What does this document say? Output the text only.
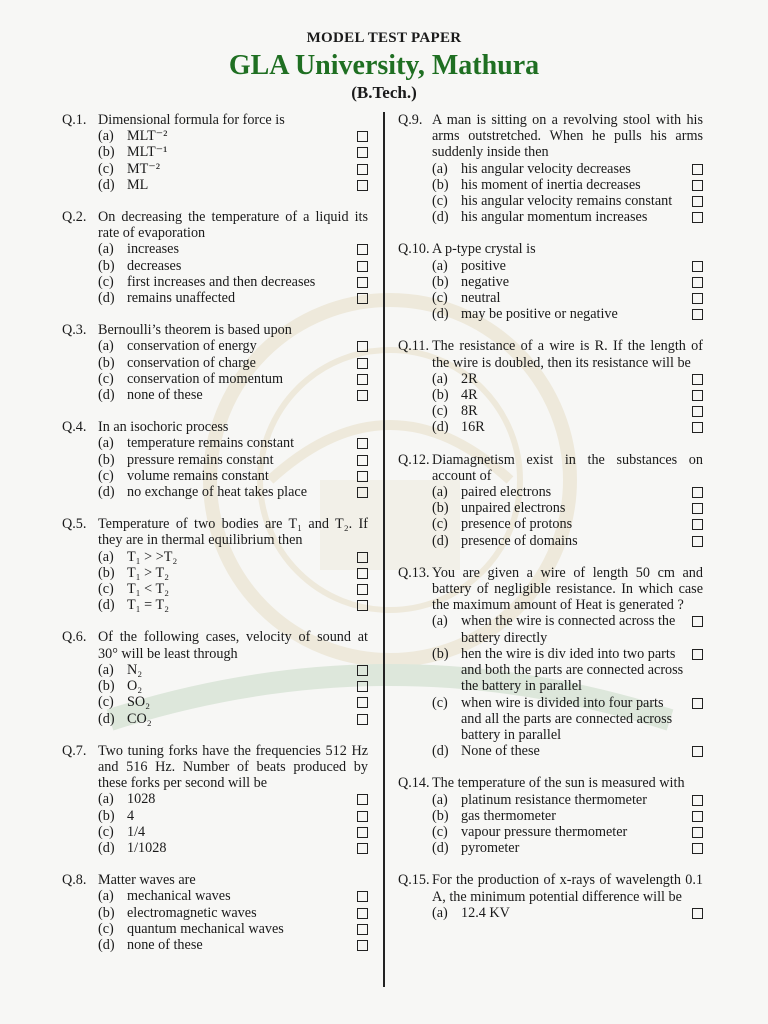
MODEL TEST PAPER
GLA University, Mathura
(B.Tech.)
Q.1. Dimensional formula for force is
(a) MLT⁻²
(b) MLT⁻¹
(c) MT⁻²
(d) ML
Q.2. On decreasing the temperature of a liquid its rate of evaporation
(a) increases
(b) decreases
(c) first increases and then decreases
(d) remains unaffected
Q.3. Bernoulli’s theorem is based upon
(a) conservation of energy
(b) conservation of charge
(c) conservation of momentum
(d) none of these
Q.4. In an isochoric process
(a) temperature remains constant
(b) pressure remains constant
(c) volume remains constant
(d) no exchange of heat takes place
Q.5. Temperature of two bodies are T₁ and T₂. If they are in thermal equilibrium then
(a) T₁ > >T₂
(b) T₁ > T₂
(c) T₁ < T₂
(d) T₁ = T₂
Q.6. Of the following cases, velocity of sound at 30° will be least through
(a) N₂
(b) O₂
(c) SO₂
(d) CO₂
Q.7. Two tuning forks have the frequencies 512 Hz and 516 Hz. Number of beats produced by these forks per second will be
(a) 1028
(b) 4
(c) 1/4
(d) 1/1028
Q.8. Matter waves are
(a) mechanical waves
(b) electromagnetic waves
(c) quantum mechanical waves
(d) none of these
Q.9. A man is sitting on a revolving stool with his arms outstretched. When he pulls his arms suddenly inside then
(a) his angular velocity decreases
(b) his moment of inertia decreases
(c) his angular velocity remains constant
(d) his angular momentum increases
Q.10. A p-type crystal is
(a) positive
(b) negative
(c) neutral
(d) may be positive or negative
Q.11. The resistance of a wire is R. If the length of the wire is doubled, then its resistance will be
(a) 2R
(b) 4R
(c) 8R
(d) 16R
Q.12. Diamagnetism exist in the substances on account of
(a) paired electrons
(b) unpaired electrons
(c) presence of protons
(d) presence of domains
Q.13. You are given a wire of length 50 cm and battery of negligible resistance. In which case the maximum amount of Heat is generated ?
(a) when the wire is connected across the battery directly
(b) hen the wire is div ided into two parts and both the parts are connected across the battery in parallel
(c) when wire is divided into four parts and all the parts are connected across battery in parallel
(d) None of these
Q.14. The temperature of the sun is measured with
(a) platinum resistance thermometer
(b) gas thermometer
(c) vapour pressure thermometer
(d) pyrometer
Q.15. For the production of x-rays of wavelength 0.1 A, the minimum potential difference will be
(a) 12.4 KV
